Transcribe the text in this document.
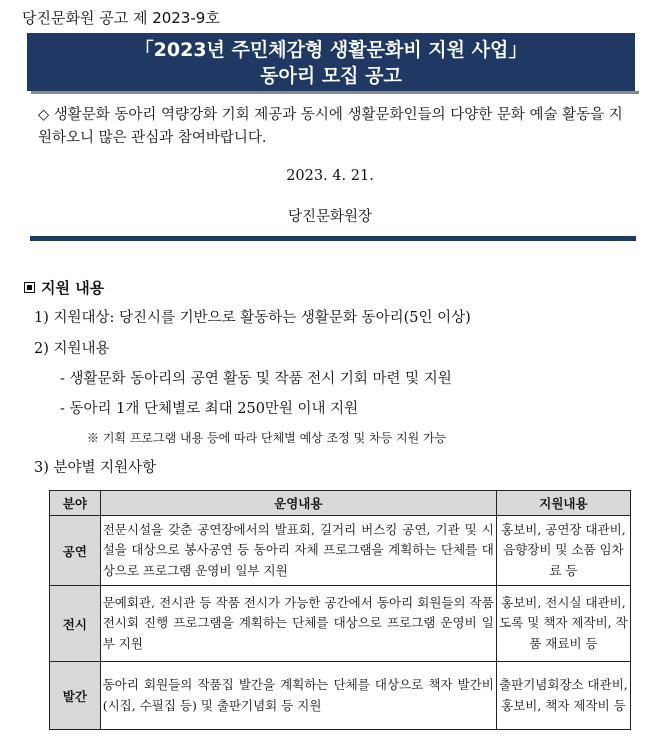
당진문화원 공고 제 2023-9호
「2023년 주민체감형 생활문화비 지원 사업」
동아리 모집 공고
◇ 생활문화 동아리 역량강화 기회 제공과 동시에 생활문화인들의 다양한 문화 예술 활동을 지원하오니 많은 관심과 참여바랍니다.
2023. 4. 21.
당진문화원장
지원 내용
1) 지원대상: 당진시를 기반으로 활동하는 생활문화 동아리(5인 이상)
2) 지원내용
- 생활문화 동아리의 공연 활동 및 작품 전시 기회 마련 및 지원
- 동아리 1개 단체별로 최대 250만원 이내 지원
※ 기획 프로그램 내용 등에 따라 단체별 예상 조정 및 차등 지원 가능
3) 분야별 지원사항
분야	운영내용	지원내용
공연	전문시설을 갖춘 공연장에서의 발표회, 길거리 버스킹 공연, 기관 및 시설을 대상으로 봉사공연 등 동아리 자체 프로그램을 계획하는 단체를 대상으로 프로그램 운영비 일부 지원	홍보비, 공연장 대관비, 음향장비 및 소품 임차료 등
전시	문예회관, 전시관 등 작품 전시가 가능한 공간에서 동아리 회원들의 작품 전시회 진행 프로그램을 계획하는 단체를 대상으로 프로그램 운영비 일부 지원	홍보비, 전시실 대관비, 도록 및 책자 제작비, 작품 재료비 등
발간	동아리 회원들의 작품집 발간을 계획하는 단체를 대상으로 책자 발간비(시집, 수필집 등) 및 출판기념회 등 지원	출판기념회장소 대관비, 홍보비, 책자 제작비 등
